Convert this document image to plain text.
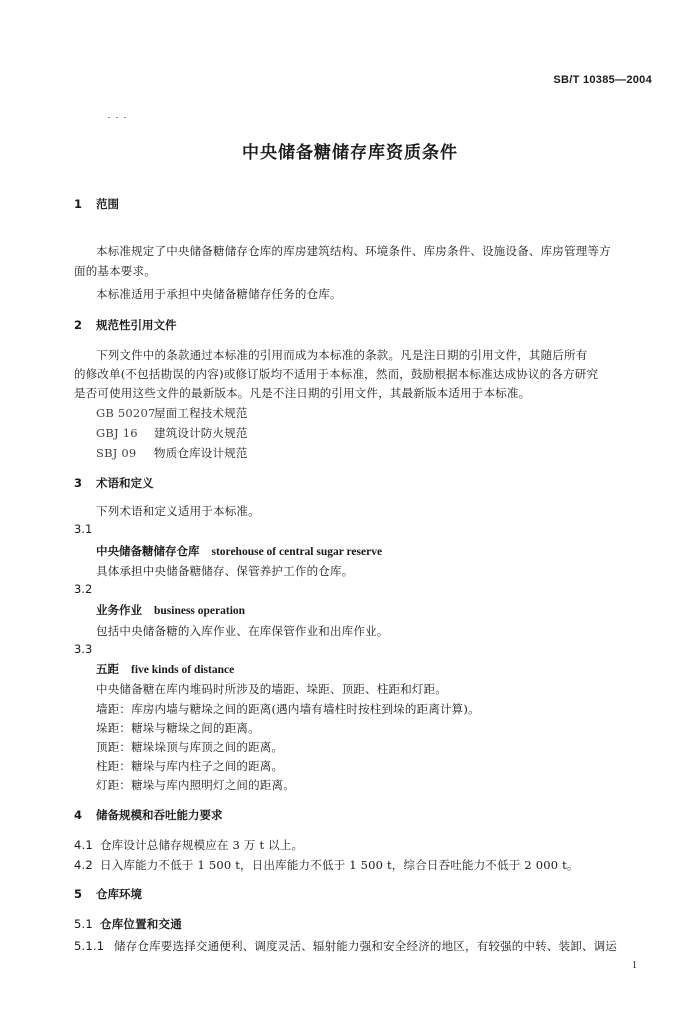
SB/T 10385—2004
中央储备糖储存库资质条件
1 范围
本标准规定了中央储备糖储存仓库的库房建筑结构、环境条件、库房条件、设施设备、库房管理等方
面的基本要求。
本标准适用于承担中央储备糖储存任务的仓库。
2 规范性引用文件
下列文件中的条款通过本标准的引用而成为本标准的条款。凡是注日期的引用文件，其随后所有
的修改单(不包括勘误的内容)或修订版均不适用于本标准，然而，鼓励根据本标准达成协议的各方研究
是否可使用这些文件的最新版本。凡是不注日期的引用文件，其最新版本适用于本标准。
GB 50207屋面工程技术规范
GBJ 16 建筑设计防火规范
SBJ 09 物质仓库设计规范
3 术语和定义
下列术语和定义适用于本标准。
3.1
中央储备糖储存仓库 storehouse of central sugar reserve
具体承担中央储备糖储存、保管养护工作的仓库。
3.2
业务作业 business operation
包括中央储备糖的入库作业、在库保管作业和出库作业。
3.3
五距 five kinds of distance
中央储备糖在库内堆码时所涉及的墙距、垛距、顶距、柱距和灯距。
墙距：库房内墙与糖垛之间的距离(遇内墙有墙柱时按柱到垛的距离计算)。
垛距：糖垛与糖垛之间的距离。
顶距：糖垛垛顶与库顶之间的距离。
柱距：糖垛与库内柱子之间的距离。
灯距：糖垛与库内照明灯之间的距离。
4 储备规模和吞吐能力要求
4.1 仓库设计总储存规模应在 3 万 t 以上。
4.2 日入库能力不低于 1 500 t，日出库能力不低于 1 500 t，综合日吞吐能力不低于 2 000 t。
5 仓库环境
5.1 仓库位置和交通
5.1.1 储存仓库要选择交通便利、调度灵活、辐射能力强和安全经济的地区，有较强的中转、装卸、调运
1
